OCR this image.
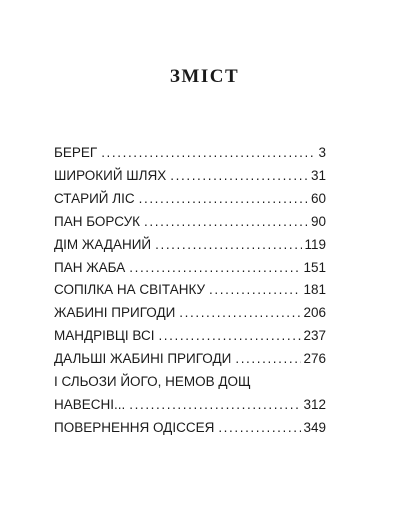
ЗМІСТ
БЕРЕГ .....	3
ШИРОКИЙ ШЛЯХ .....	31
СТАРИЙ ЛІС .....	60
ПАН БОРСУК .....	90
ДІМ ЖАДАНИЙ .....	119
ПАН ЖАБА .....	151
СОПІЛКА НА СВІТАНКУ .....	181
ЖАБИНІ ПРИГОДИ .....	206
МАНДРІВЦІ ВСІ .....	237
ДАЛЬШІ ЖАБИНІ ПРИГОДИ .....	276
І СЛЬОЗИ ЙОГО, НЕМОВ ДОЩ
НАВЕСНІ... .....	312
ПОВЕРНЕННЯ ОДІССЕЯ .....	349
